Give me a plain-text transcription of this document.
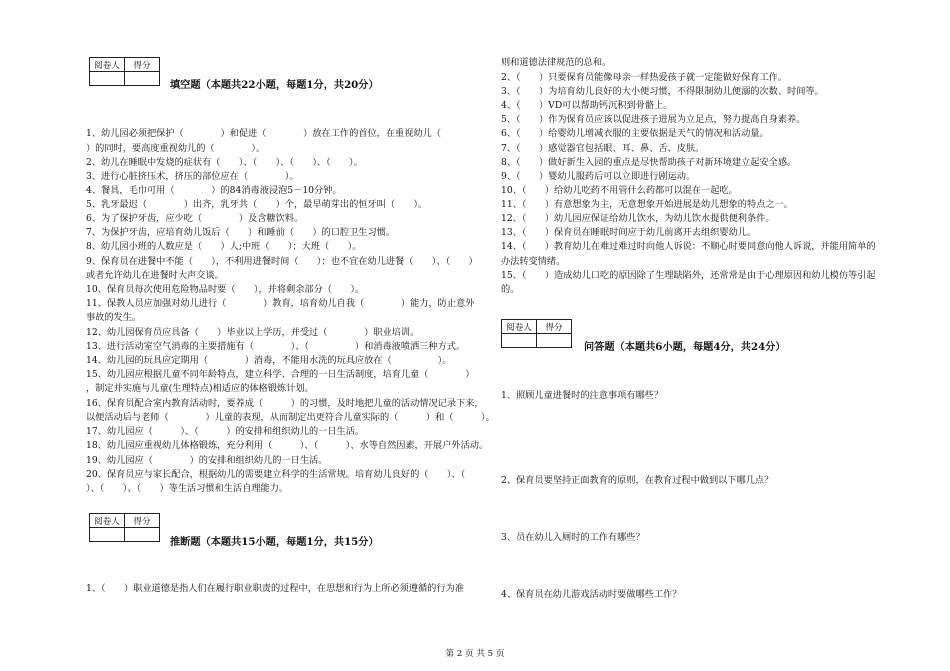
阅卷人	得分

填空题（本题共22小题，每题1分，共20分）
1、幼儿园必须把保护（　　　　）和促进（　　　　）放在工作的首位，在重视幼儿（
）的同时，要高度重视幼儿的（　　　　）。
2、幼儿在睡眠中发烧的症状有（　　）、（　　）、（　　）、（　　）。
3、进行心脏挤压术，挤压的部位应在（　　　　）。
4、餐具，毛巾可用（　　　　）的84消毒液浸泡5－10分钟。
5、乳牙最迟（　　　　）出齐，乳牙共（　　）个，最早萌芽出的恒牙叫（　　）。
6、为了保护牙齿，应少吃（　　　　）及含糖饮料。
7、为保护牙齿，应培育幼儿饭后（　　）和睡前（　　）的口腔卫生习惯。
8、幼儿园小班的人数应是（　　）人;中班（　　）；大班（　　）。
9、保育员在进餐中不能（　　），不利用进餐时间（　　）；也不宜在幼儿进餐（　　）、（　　）
或者允许幼儿在进餐时大声交谈。
10、保育员每次使用危险物品时要（　　），并将剩余部分（　　）。
11、保教人员应加强对幼儿进行（　　　　）教育，培育幼儿自我（　　　　）能力，防止意外
事故的发生。
12、幼儿园保育员应具备（　　）毕业以上学历，并受过（　　　　）职业培训。
13、进行活动室空气消毒的主要措施有（　　　　）、（　　　　　）和消毒液喷洒三种方式。
14、幼儿园的玩具应定期用（　　　　）消毒，不能用水洗的玩具应放在（　　　　　）。
15、幼儿园应根据儿童不同年龄特点，建立科学、合理的一日生活制度，培育儿童（　　　　）
，制定并实施与儿童(生理特点)相适应的体格锻炼计划。
16、保育员配合室内教育活动时，要养成（　　　）的习惯，及时地把儿童的活动情况记录下来，
以便活动后与老师（　　　　）儿童的表现，从而制定出更符合儿童实际的（　　　）和（　　　）。
17、幼儿园应（　　　）、（　　　）的安排和组织幼儿的一日生活。
18、幼儿园应重视幼儿体格锻炼，充分利用（　　　）、（　　　）、水等自然因素，开展户外活动。
19、幼儿园应（　　　　）的安排和组织幼儿的一日生活。
20、保育员应与家长配合，根据幼儿的需要建立科学的生活常规。培育幼儿良好的（　　）、（　　
）、（　　）、（　　）等生活习惯和生活自理能力。
阅卷人	得分

推断题（本题共15小题，每题1分，共15分）
1、（　　）职业道德是指人们在履行职业职责的过程中，在思想和行为上所必须遵循的行为准
则和道德法律规范的总和。
2、（　　）只要保育员能像母亲一样热爱孩子就一定能做好保育工作。
3、（　　）为培育幼儿良好的大小便习惯，不得限制幼儿便溺的次数、时间等。
4、（　　）VD可以帮助钙沉积到骨骼上。
5、（　　）作为保育员应该以促进孩子进展为立足点，努力提高自身素养。
6、（　　）给婴幼儿增减衣服的主要依据是天气的情况和活动量。
7、（　　）感觉器官包括眼、耳、鼻、舌、皮肤。
8、（　　）做好新生入园的重点是尽快帮助孩子对新环境建立起安全感。
9、（　　）婴幼儿服药后可以立即进行剧运动。
10、（　　）给幼儿吃药不用管什么药都可以混在一起吃。
11、（　　）有意想象为主，无意想象开始进展是幼儿想象的特点之一。
12、（　　）幼儿园应保证给幼儿饮水，为幼儿饮水提供便利条件。
13、（　　）保育员在睡眠时间应于幼儿前离开去组织婴幼儿。
14、（　　）教育幼儿在难过难过时向他人诉说：不顺心时要同意向他人诉说，并能用简单的
办法转变情绪。
15、（　　）造成幼儿口吃的原因除了生理缺陷外，还常常是由于心理原因和幼儿模仿等引起
的。
阅卷人	得分

问答题（本题共6小题，每题4分，共24分）
1、照顾儿童进餐时的注意事项有哪些？
2、保育员要坚持正面教育的原则，在教育过程中做到以下哪几点？
3、员在幼儿入厕时的工作有哪些？
4、保育员在幼儿游戏活动时要做哪些工作？
第 2 页 共 5 页
